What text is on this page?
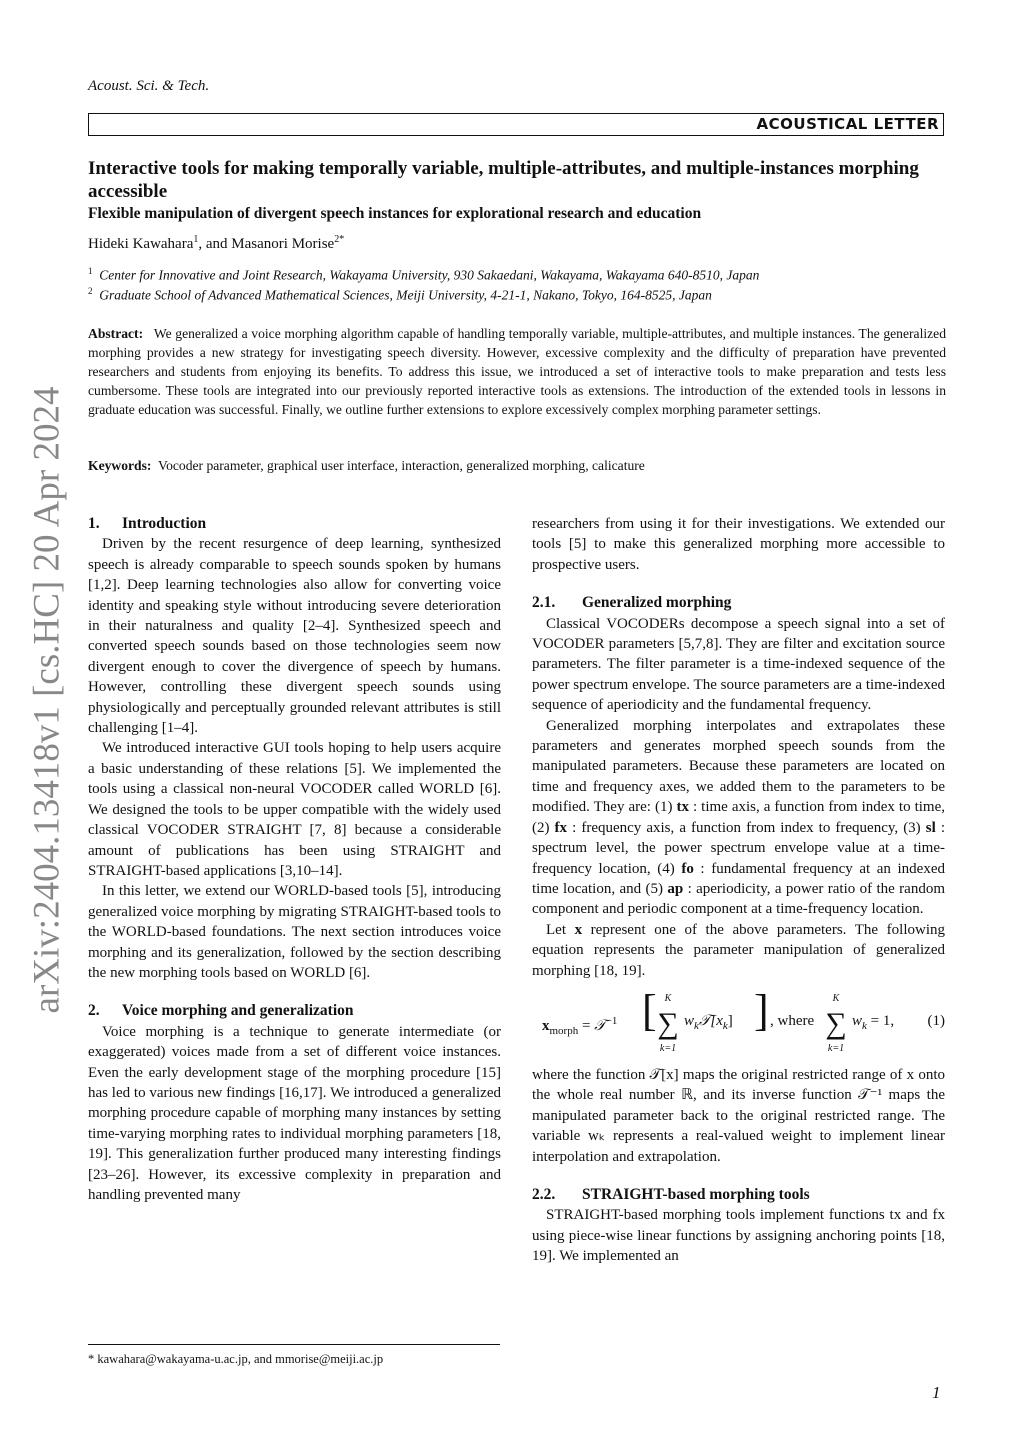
Acoust. Sci. & Tech.
ACOUSTICAL LETTER
Interactive tools for making temporally variable, multiple-attributes, and multiple-instances morphing accessible
Flexible manipulation of divergent speech instances for explorational research and education
Hideki Kawahara$^1$, and Masanori Morise$^{2*}$
$^1$ Center for Innovative and Joint Research, Wakayama University, 930 Sakaedani, Wakayama, Wakayama 640-8510, Japan
$^2$ Graduate School of Advanced Mathematical Sciences, Meiji University, 4-21-1, Nakano, Tokyo, 164-8525, Japan
Abstract: We generalized a voice morphing algorithm capable of handling temporally variable, multiple-attributes, and multiple instances. The generalized morphing provides a new strategy for investigating speech diversity. However, excessive complexity and the difficulty of preparation have prevented researchers and students from enjoying its benefits. To address this issue, we introduced a set of interactive tools to make preparation and tests less cumbersome. These tools are integrated into our previously reported interactive tools as extensions. The introduction of the extended tools in lessons in graduate education was successful. Finally, we outline further extensions to explore excessively complex morphing parameter settings.
Keywords: Vocoder parameter, graphical user interface, interaction, generalized morphing, calicature
arXiv:2404.13418v1 [cs.HC] 20 Apr 2024 1. Introduction

Driven by the recent resurgence of deep learning, synthesized speech is already comparable to speech sounds spoken by humans [1,2]. Deep learning technologies also allow for converting voice identity and speaking style without introducing severe deterioration in their naturalness and quality [2–4]. Synthesized speech and converted speech sounds based on those technologies seem now divergent enough to cover the divergence of speech by humans. However, controlling these divergent speech sounds using physiologically and perceptually grounded relevant attributes is still challenging [1–4].

We introduced interactive GUI tools hoping to help users acquire a basic understanding of these relations [5]. We implemented the tools using a classical non-neural VOCODER called WORLD [6]. We designed the tools to be upper compatible with the widely used classical VOCODER STRAIGHT [7, 8] because a considerable amount of publications has been using STRAIGHT and STRAIGHT-based applications [3,10–14].

In this letter, we extend our WORLD-based tools [5], introducing generalized voice morphing by migrating STRAIGHT-based tools to the WORLD-based foundations. The next section introduces voice morphing and its generalization, followed by the section describing the new morphing tools based on WORLD [6].

2. Voice morphing and generalization

Voice morphing is a technique to generate intermediate (or exaggerated) voices made from a set of different voice instances. Even the early development stage of the morphing procedure [15] has led to various new findings [16,17]. We introduced a generalized morphing procedure capable of morphing many instances by setting time-varying morphing rates to individual morphing parameters [18, 19]. This generalization further produced many interesting findings [23–26]. However, its excessive complexity in preparation and handling prevented many

researchers from using it for their investigations. We extended our tools [5] to make this generalized morphing more accessible to prospective users.

2.1. Generalized morphing

Classical VOCODERs decompose a speech signal into a set of VOCODER parameters [5,7,8]. They are filter and excitation source parameters. The filter parameter is a time-indexed sequence of the power spectrum envelope. The source parameters are a time-indexed sequence of aperiodicity and the fundamental frequency.

Generalized morphing interpolates and extrapolates these parameters and generates morphed speech sounds from the manipulated parameters. Because these parameters are located on time and frequency axes, we added them to the parameters to be modified. They are: (1) tx : time axis, a function from index to time, (2) fx : frequency axis, a function from index to frequency, (3) sl : spectrum level, the power spectrum envelope value at a time-frequency location, (4) fo : fundamental frequency at an indexed time location, and (5) ap : aperiodicity, a power ratio of the random component and periodic component at a time-frequency location.

Let x represent one of the above parameters. The following equation represents the parameter manipulation of generalized morphing [18, 19].

$x_{morph}$ = 𝒯$^{-1}$ [ K
∑
k=1
$w_k𝒯[x_k]$ ] , where
K
∑
k=1
$w_k = 1$, (1)

where the function 𝒯[x] maps the original restricted range of x onto the whole real number ℝ, and its inverse function 𝒯⁻¹ maps the manipulated parameter back to the original restricted range. The variable wₖ represents a real-valued weight to implement linear interpolation and extrapolation.

2.2. STRAIGHT-based morphing tools

STRAIGHT-based morphing tools implement functions tx and fx using piece-wise linear functions by assigning anchoring points [18, 19]. We implemented an

* kawahara@wakayama-u.ac.jp, and mmorise@meiji.ac.jp
1
